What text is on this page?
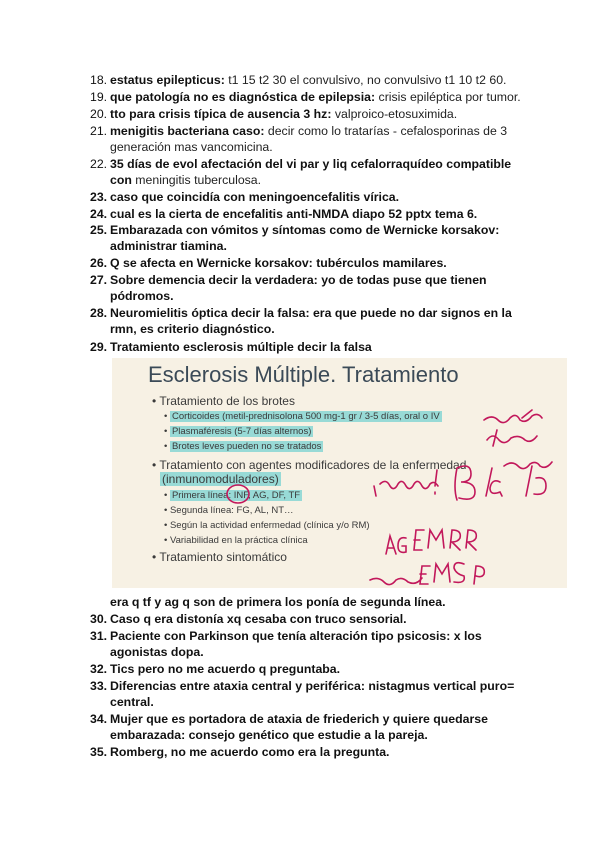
18. estatus epilepticus: t1 15 t2 30 el convulsivo, no convulsivo t1 10 t2 60.
19. que patología no es diagnóstica de epilepsia: crisis epiléptica por tumor.
20. tto para crisis típica de ausencia 3 hz: valproico-etosuximida.
21. menigitis bacteriana caso: decir como lo tratarías - cefalosporinas de 3 generación mas vancomicina.
22. 35 días de evol afectación del vi par y liq cefalorraquídeo compatible con meningitis tuberculosa.
23. caso que coincidía con meningoencefalitis vírica.
24. cual es la cierta de encefalitis anti-NMDA diapo 52 pptx tema 6.
25. Embarazada con vómitos y síntomas como de Wernicke korsakov: administrar tiamina.
26. Q se afecta en Wernicke korsakov: tubérculos mamilares.
27. Sobre demencia decir la verdadera: yo de todas puse que tienen pódromos.
28. Neuromielitis óptica decir la falsa: era que puede no dar signos en la rmn, es criterio diagnóstico.
29. Tratamiento esclerosis múltiple decir la falsa
Esclerosis Múltiple. Tratamiento
• Tratamiento de los brotes
• Corticoides (metil-prednisolona 500 mg-1 gr / 3-5 días, oral o IV
• Plasmaféresis (5-7 días alternos)
• Brotes leves pueden no se tratados
• Tratamiento con agentes modificadores de la enfermedad
(inmunomoduladores)
• Primera línea: INF, AG, DF, TF
• Segunda línea: FG, AL, NT…
• Según la actividad enfermedad (clínica y/o RM)
• Variabilidad en la práctica clínica
• Tratamiento sintomático
era q tf y ag q son de primera los ponía de segunda línea.
30. Caso q era distonía xq cesaba con truco sensorial.
31. Paciente con Parkinson que tenía alteración tipo psicosis: x los agonistas dopa.
32. Tics pero no me acuerdo q preguntaba.
33. Diferencias entre ataxia central y periférica: nistagmus vertical puro= central.
34. Mujer que es portadora de ataxia de friederich y quiere quedarse embarazada: consejo genético que estudie a la pareja.
35. Romberg, no me acuerdo como era la pregunta.
